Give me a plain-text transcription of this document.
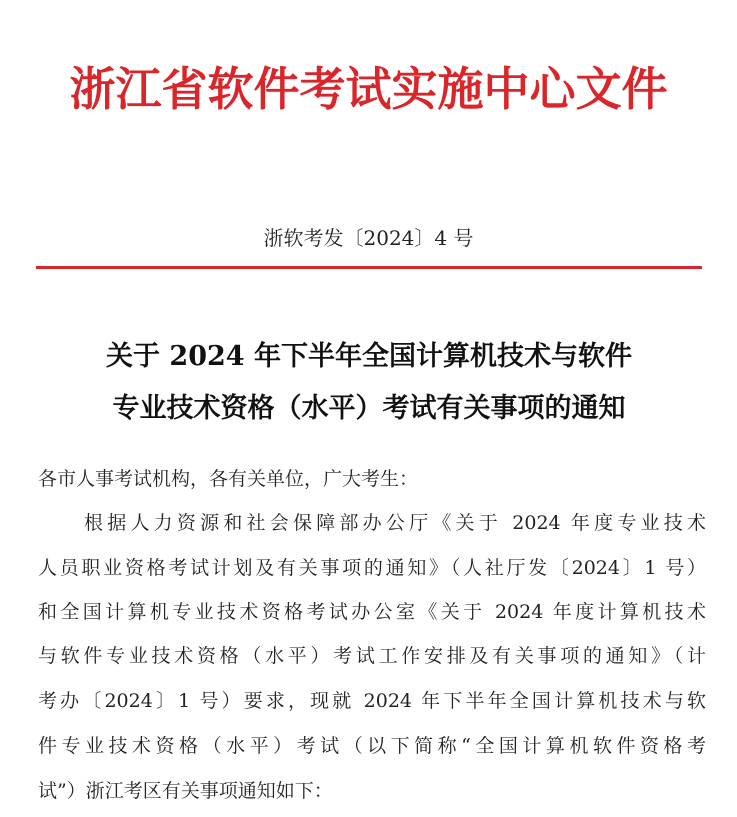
浙江省软件考试实施中心文件
浙软考发〔2024〕4 号
关于 2024 年下半年全国计算机技术与软件
专业技术资格（水平）考试有关事项的通知
各市人事考试机构，各有关单位，广大考生：
根据人力资源和社会保障部办公厅《关于 2024 年度专业技术
人员职业资格考试计划及有关事项的通知》（人社厅发〔2024〕1 号）
和全国计算机专业技术资格考试办公室《关于 2024 年度计算机技术
与软件专业技术资格（水平）考试工作安排及有关事项的通知》（计
考办〔2024〕1 号）要求，现就 2024 年下半年全国计算机技术与软
件专业技术资格（水平）考试（以下简称“全国计算机软件资格考
试”）浙江考区有关事项通知如下：
